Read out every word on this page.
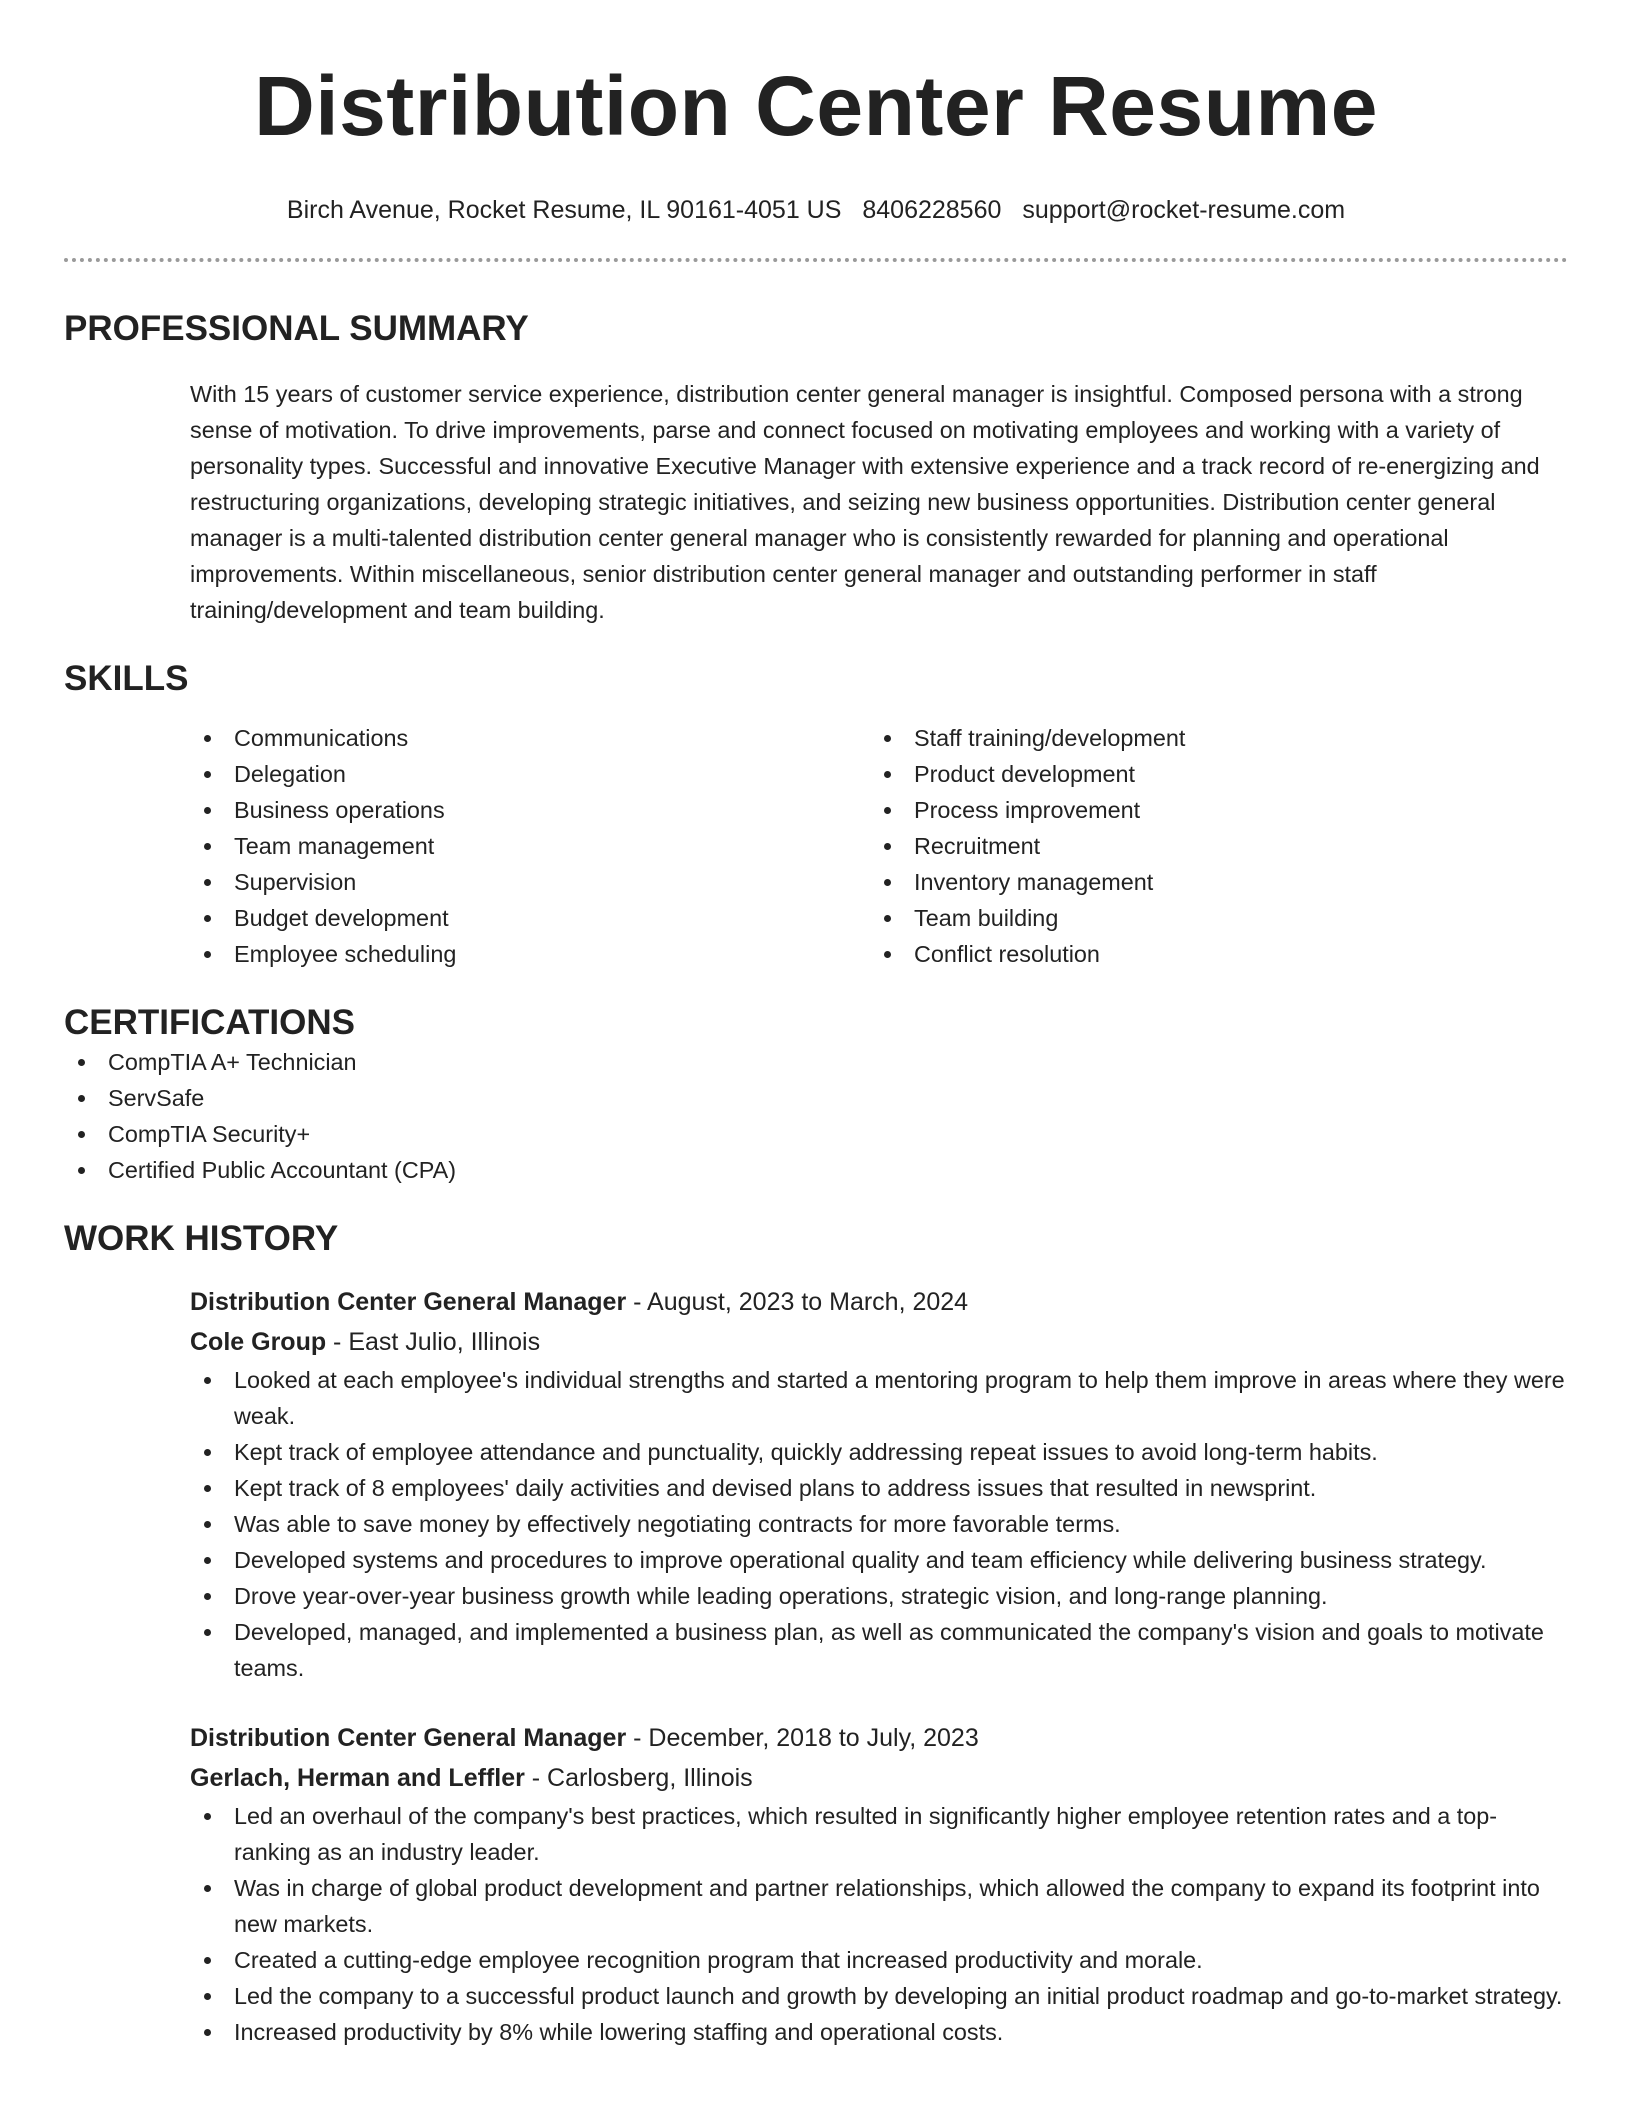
Distribution Center Resume
Birch Avenue, Rocket Resume, IL 90161-4051 US 8406228560 support@rocket-resume.com
PROFESSIONAL SUMMARY

With 15 years of customer service experience, distribution center general manager is insightful. Composed persona with a strong sense of motivation. To drive improvements, parse and connect focused on motivating employees and working with a variety of personality types. Successful and innovative Executive Manager with extensive experience and a track record of re-energizing and restructuring organizations, developing strategic initiatives, and seizing new business opportunities. Distribution center general manager is a multi-talented distribution center general manager who is consistently rewarded for planning and operational improvements. Within miscellaneous, senior distribution center general manager and outstanding performer in staff training/development and team building.

SKILLS
Communications
Delegation
Business operations
Team management
Supervision
Budget development
Employee scheduling
Staff training/development
Product development
Process improvement
Recruitment
Inventory management
Team building
Conflict resolution
CERTIFICATIONS
CompTIA A+ Technician
ServSafe
CompTIA Security+
Certified Public Accountant (CPA)
WORK HISTORY
Distribution Center General Manager - August, 2023 to March, 2024
Cole Group - East Julio, Illinois
Looked at each employee's individual strengths and started a mentoring program to help them improve in areas where they were weak.
Kept track of employee attendance and punctuality, quickly addressing repeat issues to avoid long-term habits.
Kept track of 8 employees' daily activities and devised plans to address issues that resulted in newsprint.
Was able to save money by effectively negotiating contracts for more favorable terms.
Developed systems and procedures to improve operational quality and team efficiency while delivering business strategy.
Drove year-over-year business growth while leading operations, strategic vision, and long-range planning.
Developed, managed, and implemented a business plan, as well as communicated the company's vision and goals to motivate teams.
Distribution Center General Manager - December, 2018 to July, 2023
Gerlach, Herman and Leffler - Carlosberg, Illinois
Led an overhaul of the company's best practices, which resulted in significantly higher employee retention rates and a top-ranking as an industry leader.
Was in charge of global product development and partner relationships, which allowed the company to expand its footprint into new markets.
Created a cutting-edge employee recognition program that increased productivity and morale.
Led the company to a successful product launch and growth by developing an initial product roadmap and go-to-market strategy.
Increased productivity by 8% while lowering staffing and operational costs.
